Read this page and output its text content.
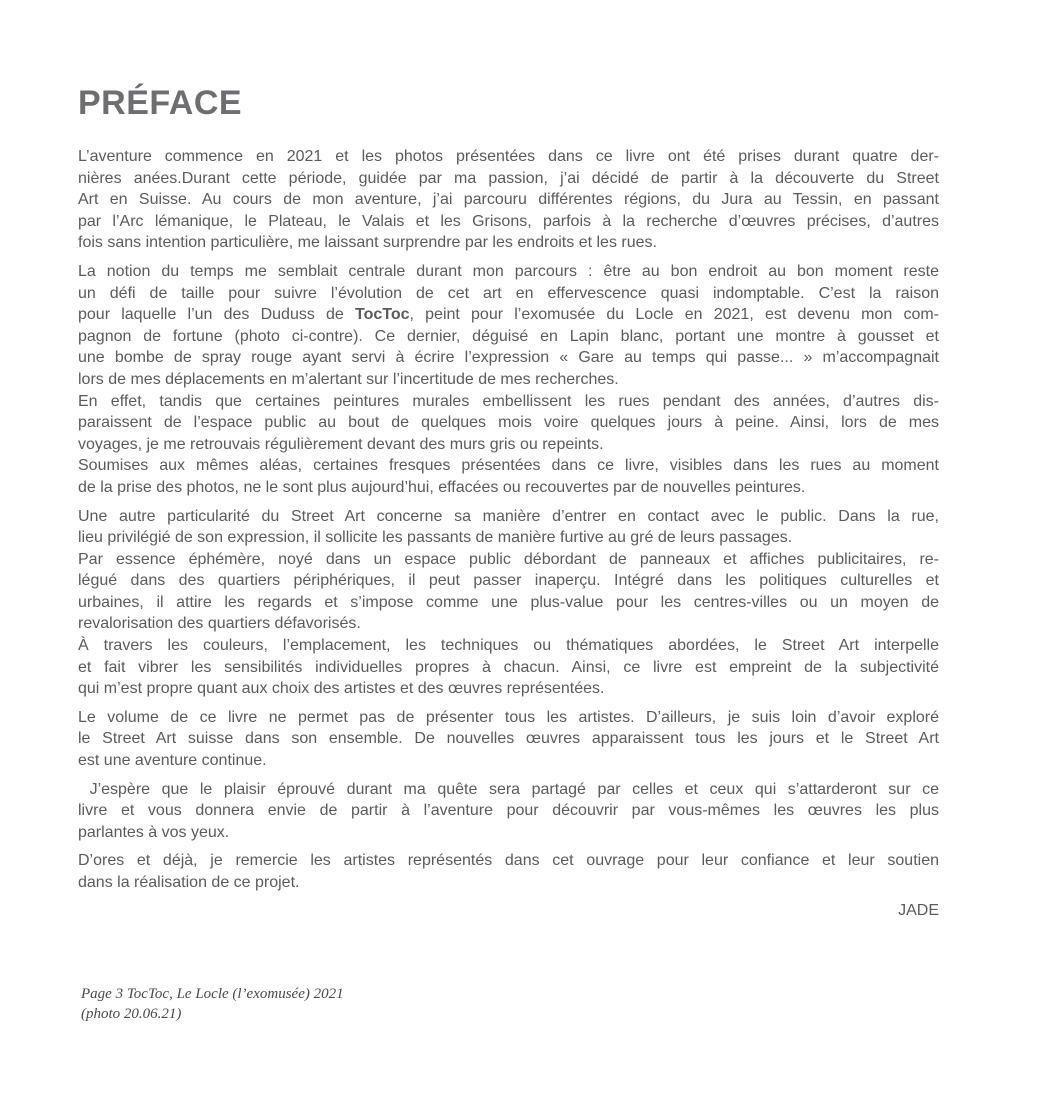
PRÉFACE
L’aventure commence en 2021 et les photos présentées dans ce livre ont été prises durant quatre der-
nières anées.Durant cette période, guidée par ma passion, j’ai décidé de partir à la découverte du Street
Art en Suisse. Au cours de mon aventure, j’ai parcouru différentes régions, du Jura au Tessin, en passant
par l’Arc lémanique, le Plateau, le Valais et les Grisons, parfois à la recherche d’œuvres précises, d’autres
fois sans intention particulière, me laissant surprendre par les endroits et les rues.
La notion du temps me semblait centrale durant mon parcours : être au bon endroit au bon moment reste
un défi de taille pour suivre l’évolution de cet art en effervescence quasi indomptable. C’est la raison
pour laquelle l’un des Duduss de TocToc, peint pour l’exomusée du Locle en 2021, est devenu mon com-
pagnon de fortune (photo ci-contre). Ce dernier, déguisé en Lapin blanc, portant une montre à gousset et
une bombe de spray rouge ayant servi à écrire l’expression « Gare au temps qui passe... » m’accompagnait
lors de mes déplacements en m’alertant sur l’incertitude de mes recherches.
En effet, tandis que certaines peintures murales embellissent les rues pendant des années, d’autres dis-
paraissent de l’espace public au bout de quelques mois voire quelques jours à peine. Ainsi, lors de mes
voyages, je me retrouvais régulièrement devant des murs gris ou repeints.
Soumises aux mêmes aléas, certaines fresques présentées dans ce livre, visibles dans les rues au moment
de la prise des photos, ne le sont plus aujourd’hui, effacées ou recouvertes par de nouvelles peintures.
Une autre particularité du Street Art concerne sa manière d’entrer en contact avec le public. Dans la rue,
lieu privilégié de son expression, il sollicite les passants de manière furtive au gré de leurs passages.
Par essence éphémère, noyé dans un espace public débordant de panneaux et affiches publicitaires, re-
légué dans des quartiers périphériques, il peut passer inaperçu. Intégré dans les politiques culturelles et
urbaines, il attire les regards et s’impose comme une plus-value pour les centres-villes ou un moyen de
revalorisation des quartiers défavorisés.
À travers les couleurs, l’emplacement, les techniques ou thématiques abordées, le Street Art interpelle
et fait vibrer les sensibilités individuelles propres à chacun. Ainsi, ce livre est empreint de la subjectivité
qui m’est propre quant aux choix des artistes et des œuvres représentées.
Le volume de ce livre ne permet pas de présenter tous les artistes. D’ailleurs, je suis loin d’avoir exploré
le Street Art suisse dans son ensemble. De nouvelles œuvres apparaissent tous les jours et le Street Art
est une aventure continue.
J’espère que le plaisir éprouvé durant ma quête sera partagé par celles et ceux qui s’attarderont sur ce
livre et vous donnera envie de partir à l’aventure pour découvrir par vous-mêmes les œuvres les plus
parlantes à vos yeux.
D’ores et déjà, je remercie les artistes représentés dans cet ouvrage pour leur confiance et leur soutien
dans la réalisation de ce projet.
JADE
Page 3 TocToc, Le Locle (l’exomusée) 2021
(photo 20.06.21)
